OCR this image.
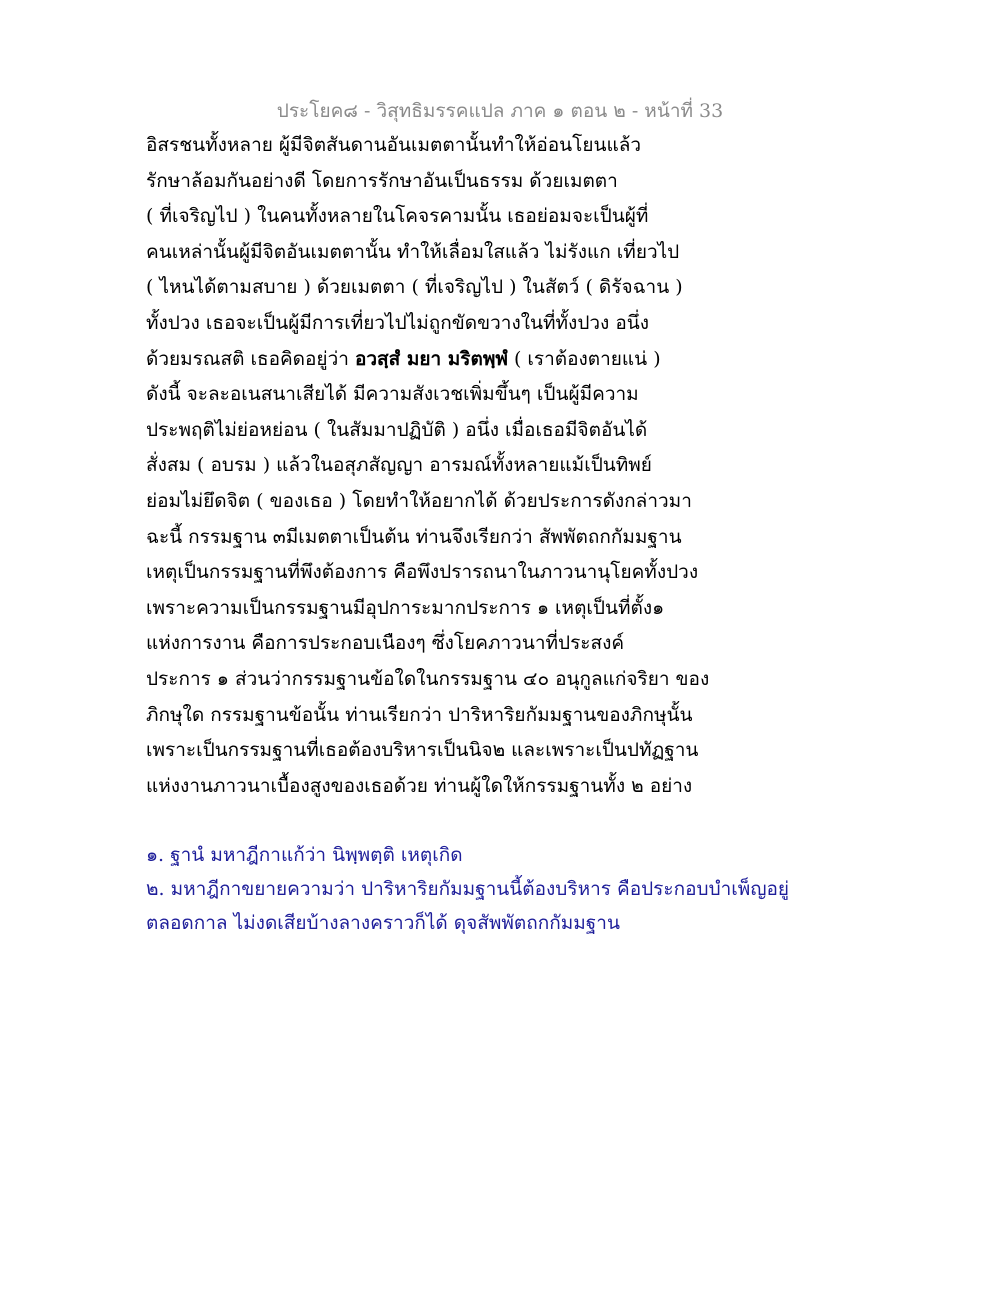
ประโยค๘ - วิสุทธิมรรคแปล ภาค ๑ ตอน ๒ - หน้าที่ 33
อิสรชนทั้งหลาย ผู้มีจิตสันดานอันเมตตานั้นทำให้อ่อนโยนแล้ว
รักษาล้อมกันอย่างดี โดยการรักษาอันเป็นธรรม ด้วยเมตตา
( ที่เจริญไป ) ในคนทั้งหลายในโคจรคามนั้น เธอย่อมจะเป็นผู้ที่
คนเหล่านั้นผู้มีจิตอันเมตตานั้น ทำให้เลื่อมใสแล้ว ไม่รังแก เที่ยวไป
( ไหนได้ตามสบาย ) ด้วยเมตตา ( ที่เจริญไป ) ในสัตว์ ( ดิรัจฉาน )
ทั้งปวง เธอจะเป็นผู้มีการเที่ยวไปไม่ถูกขัดขวางในที่ทั้งปวง อนึ่ง
ด้วยมรณสติ เธอคิดอยู่ว่า อวสฺสํ มยา มริตพฺพํ ( เราต้องตายแน่ )
ดังนี้ จะละอเนสนาเสียได้ มีความสังเวชเพิ่มขึ้นๆ เป็นผู้มีความ
ประพฤติไม่ย่อหย่อน ( ในสัมมาปฏิบัติ ) อนึ่ง เมื่อเธอมีจิตอันได้
สั่งสม ( อบรม ) แล้วในอสุภสัญญา อารมณ์ทั้งหลายแม้เป็นทิพย์
ย่อมไม่ยึดจิต ( ของเธอ ) โดยทำให้อยากได้ ด้วยประการดังกล่าวมา
ฉะนี้ กรรมฐาน ๓มีเมตตาเป็นต้น ท่านจึงเรียกว่า สัพพัตถกกัมมฐาน
เหตุเป็นกรรมฐานที่พึงต้องการ คือพึงปรารถนาในภาวนานุโยคทั้งปวง
เพราะความเป็นกรรมฐานมีอุปการะมากประการ ๑ เหตุเป็นที่ตั้ง๑
แห่งการงาน คือการประกอบเนืองๆ ซึ่งโยคภาวนาที่ประสงค์
ประการ ๑ ส่วนว่ากรรมฐานข้อใดในกรรมฐาน ๔๐ อนุกูลแก่จริยา ของ
ภิกษุใด กรรมฐานข้อนั้น ท่านเรียกว่า ปาริหาริยกัมมฐานของภิกษุนั้น
เพราะเป็นกรรมฐานที่เธอต้องบริหารเป็นนิจ๒ และเพราะเป็นปทัฏฐาน
แห่งงานภาวนาเบื้องสูงของเธอด้วย ท่านผู้ใดให้กรรมฐานทั้ง ๒ อย่าง
๑. ฐานํ มหาฎีกาแก้ว่า นิพฺพตฺติ เหตุเกิด
๒. มหาฎีกาขยายความว่า ปาริหาริยกัมมฐานนี้ต้องบริหาร คือประกอบบำเพ็ญอยู่
ตลอดกาล ไม่งดเสียบ้างลางคราวก็ได้ ดุจสัพพัตถกกัมมฐาน
